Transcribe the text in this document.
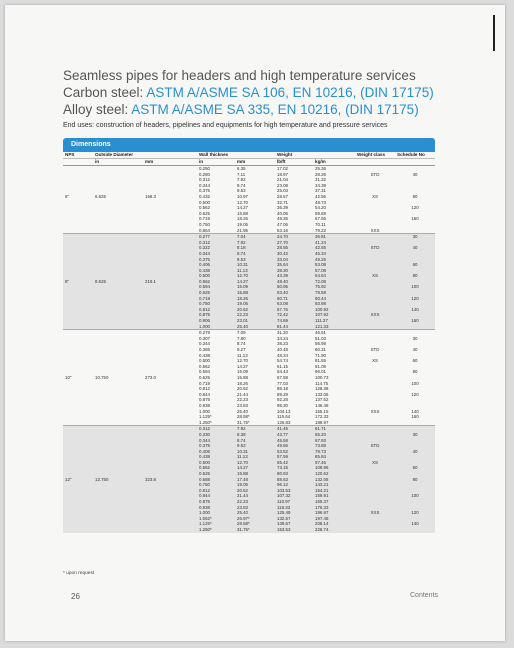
Seamless pipes for headers and high temperature services
Carbon steel: ASTM A/ASME SA 106, EN 10216, (DIN 17175)
Alloy steel: ASTM A/ASME SA 335, EN 10216, (DIN 17175)
End uses: construction of headers, pipelines and equipments for high temperature and pressure services
Dimensions
NPS	Outside Diameter		Wall thicknes		Weight		Weight class	Schedule No
	in	mm	in	mm	lb/ft	kg/m		
			0.250	6.35	17.02	25.36		
			0.280	7.11	18.97	28.26	STD	40
			0.312	7.92	21.04	31.32		
			0.344	8.74	23.08	34.39		
			0.375	9.53	25.03	37.31		
6"	6.625	168.3	0.432	10.97	28.57	42.56	XS	80
			0.500	12.70	32.71	48.73		
			0.562	14.27	36.39	54.20		120
			0.625	15.88	40.05	59.69		
			0.719	18.26	45.35	67.56		160
			0.750	19.05	47.06	70.11		
			0.864	21.95	53.16	79.22	XXS	
			0.277	7.04	24.70	36.81		30
			0.312	7.92	27.70	41.24		
			0.322	8.18	28.55	42.55	STD	40
			0.344	8.74	30.42	45.34		
			0.375	9.53	33.04	49.25		
			0.406	10.31	35.64	53.08		60
			0.438	11.13	38.30	57.08		
			0.500	12.70	43.39	64.64	XS	80
8"	8.625	219.1	0.562	14.27	48.40	72.08		
			0.594	15.09	50.95	75.92		100
			0.625	15.88	53.40	79.58		
			0.719	18.26	60.71	90.44		120
			0.750	19.05	63.08	93.98		
			0.812	20.62	67.76	100.92		140
			0.875	22.23	72.42	107.92	XXS	
			0.906	23.01	74.69	111.27		160
			1.000	25.40	81.44	121.33		
			0.279	7.09	31.20	46.51		
			0.307	7.80	34.24	51.03		30
			0.344	8.74	38.23	56.98		
			0.365	9.27	40.48	60.31	STD	40
			0.438	11.13	48.24	71.90		
			0.500	12.70	54.74	81.55	XS	60
			0.562	14.27	61.15	91.08		
			0.594	15.09	64.43	96.01		80
10"	10.750	273.0	0.625	15.88	67.58	100.73		
			0.719	18.26	77.03	114.75		100
			0.812	20.62	86.18	128.38		
			0.844	21.44	89.29	133.06		120
			0.875	22.23	92.28	137.52		
			0.938	23.83	98.30	146.48		
			1.000	25.40	104.13	155.15	XXS	140
			1.125*	28.58*	115.64	172.33		160
			1.250*	31.75*	126.83	188.97		
			0.312	7.92	41.45	61.71		
			0.330	8.38	43.77	65.20		30
			0.344	8.74	45.58	67.93		
			0.375	9.53	49.56	73.88	STD	
			0.406	10.31	53.52	79.73		40
			0.438	11.13	57.59	85.84		
			0.500	12.70	65.42	97.46	XS	
			0.562	14.27	73.15	108.96		60
			0.625	15.88	80.93	120.62		
12"	12.750	323.8	0.688	17.48	88.63	132.08		80
			0.750	19.05	96.12	143.21		
			0.812	20.62	103.53	154.21		
			0.844	21.44	107.32	159.91		100
			0.875	22.23	110.97	165.37		
			0.938	23.83	118.33	176.33		
			1.000	25.40	125.49	186.97	XXS	120
			1.062*	26.97*	132.57	197.48		
			1.125*	28.58*	139.67	208.14		140
			1.250*	31.75*	153.53	228.74		
* upon request
26	Contents
